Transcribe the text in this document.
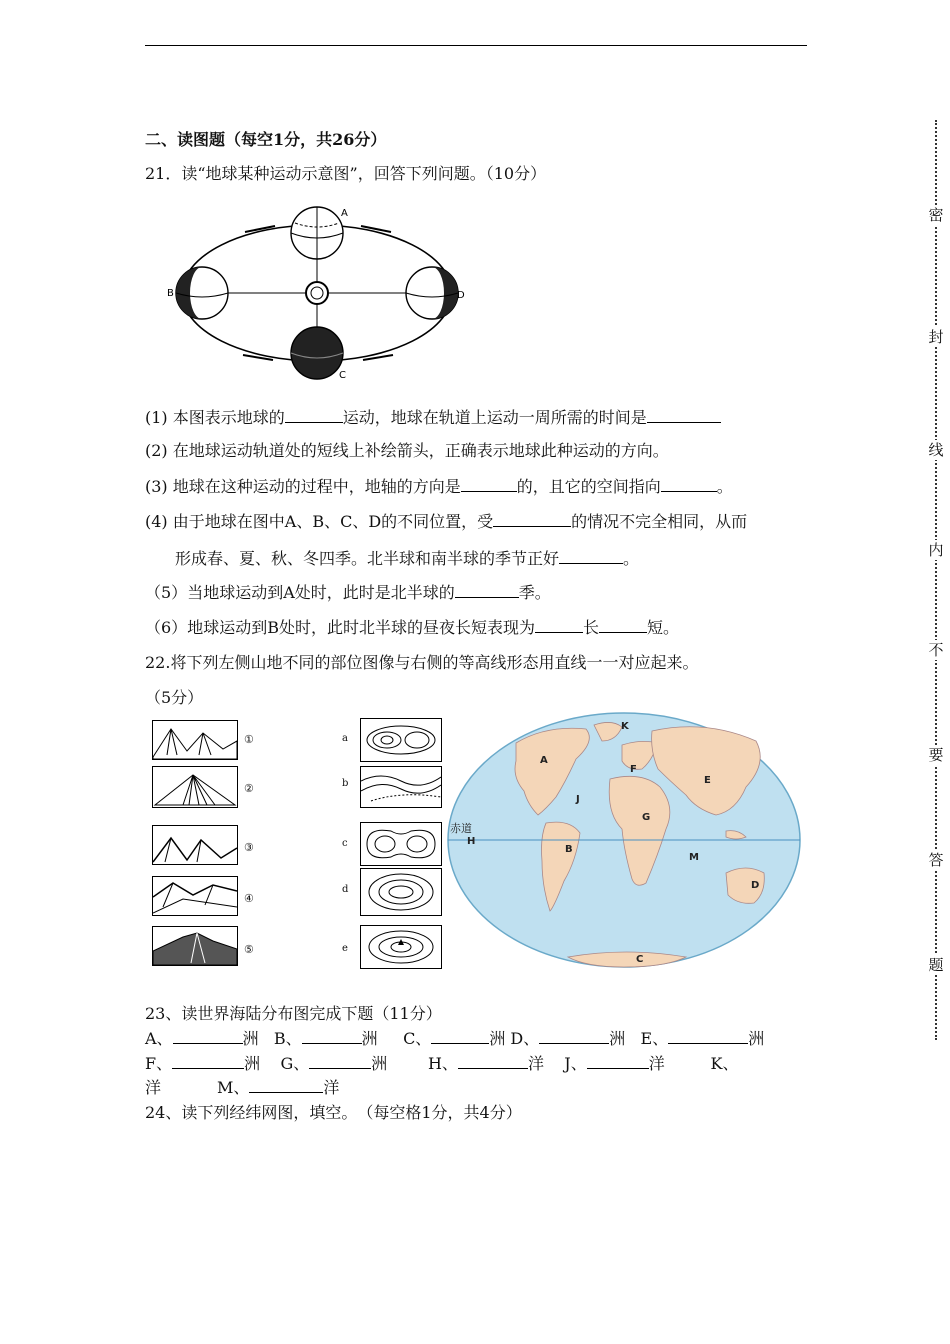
密
封
线
内
不
要
答
题
二、读图题（每空1分，共26分）
21．读“地球某种运动示意图”，回答下列问题。（10分）
A
B
C
D
(1) 本图表示地球的	运动，地球在轨道上运动一周所需的时间是
(2) 在地球运动轨道处的短线上补绘箭头，正确表示地球此种运动的方向。
(3) 地球在这种运动的过程中，地轴的方向是	的，且它的空间指向	。
(4) 由于地球在图中A、B、C、D的不同位置，受	的情况不完全相同，从而
形成春、夏、秋、冬四季。北半球和南半球的季节正好	。
（5）当地球运动到A处时，此时是北半球的	季。
（6）地球运动到B处时，此时北半球的昼夜长短表现为	长	短。
22.将下列左侧山地不同的部位图像与右侧的等高线形态用直线一一对应起来。
（5分）
①
②
③
④
⑤
a
b
c
d
e
赤道
A
B
C
D
E
F
G
H
J
K
M
23、读世界海陆分布图完成下题（11分）
A、	洲 B、	洲 C、	洲 D、	洲 E、	洲
F、	洲 G、	洲	H、	洋 J、	洋	K、
洋	M、	洋
24、读下列经纬网图，填空。　（每空格1分，共4分）
